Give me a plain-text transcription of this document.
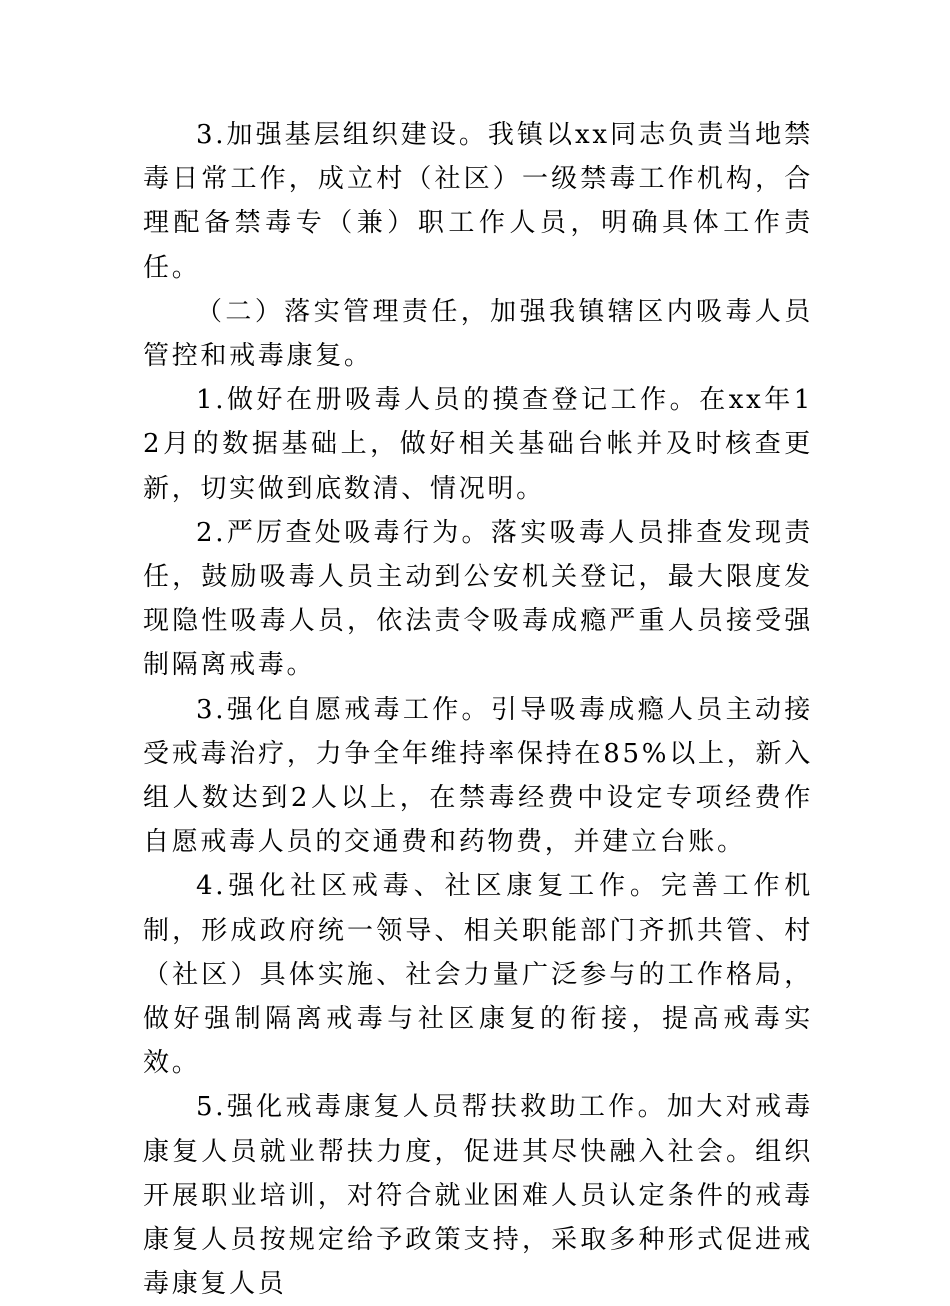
3.加强基层组织建设。我镇以xx同志负责当地禁毒日常工作，成立村（社区）一级禁毒工作机构，合理配备禁毒专（兼）职工作人员，明确具体工作责任。

（二）落实管理责任，加强我镇辖区内吸毒人员管控和戒毒康复。

1.做好在册吸毒人员的摸查登记工作。在xx年12月的数据基础上，做好相关基础台帐并及时核查更新，切实做到底数清、情况明。

2.严厉查处吸毒行为。落实吸毒人员排查发现责任，鼓励吸毒人员主动到公安机关登记，最大限度发现隐性吸毒人员，依法责令吸毒成瘾严重人员接受强制隔离戒毒。

3.强化自愿戒毒工作。引导吸毒成瘾人员主动接受戒毒治疗，力争全年维持率保持在85%以上，新入组人数达到2人以上，在禁毒经费中设定专项经费作自愿戒毒人员的交通费和药物费，并建立台账。

4.强化社区戒毒、社区康复工作。完善工作机制，形成政府统一领导、相关职能部门齐抓共管、村（社区）具体实施、社会力量广泛参与的工作格局，做好强制隔离戒毒与社区康复的衔接，提高戒毒实效。

5.强化戒毒康复人员帮扶救助工作。加大对戒毒康复人员就业帮扶力度，促进其尽快融入社会。组织开展职业培训，对符合就业困难人员认定条件的戒毒康复人员按规定给予政策支持，采取多种形式促进戒毒康复人员
